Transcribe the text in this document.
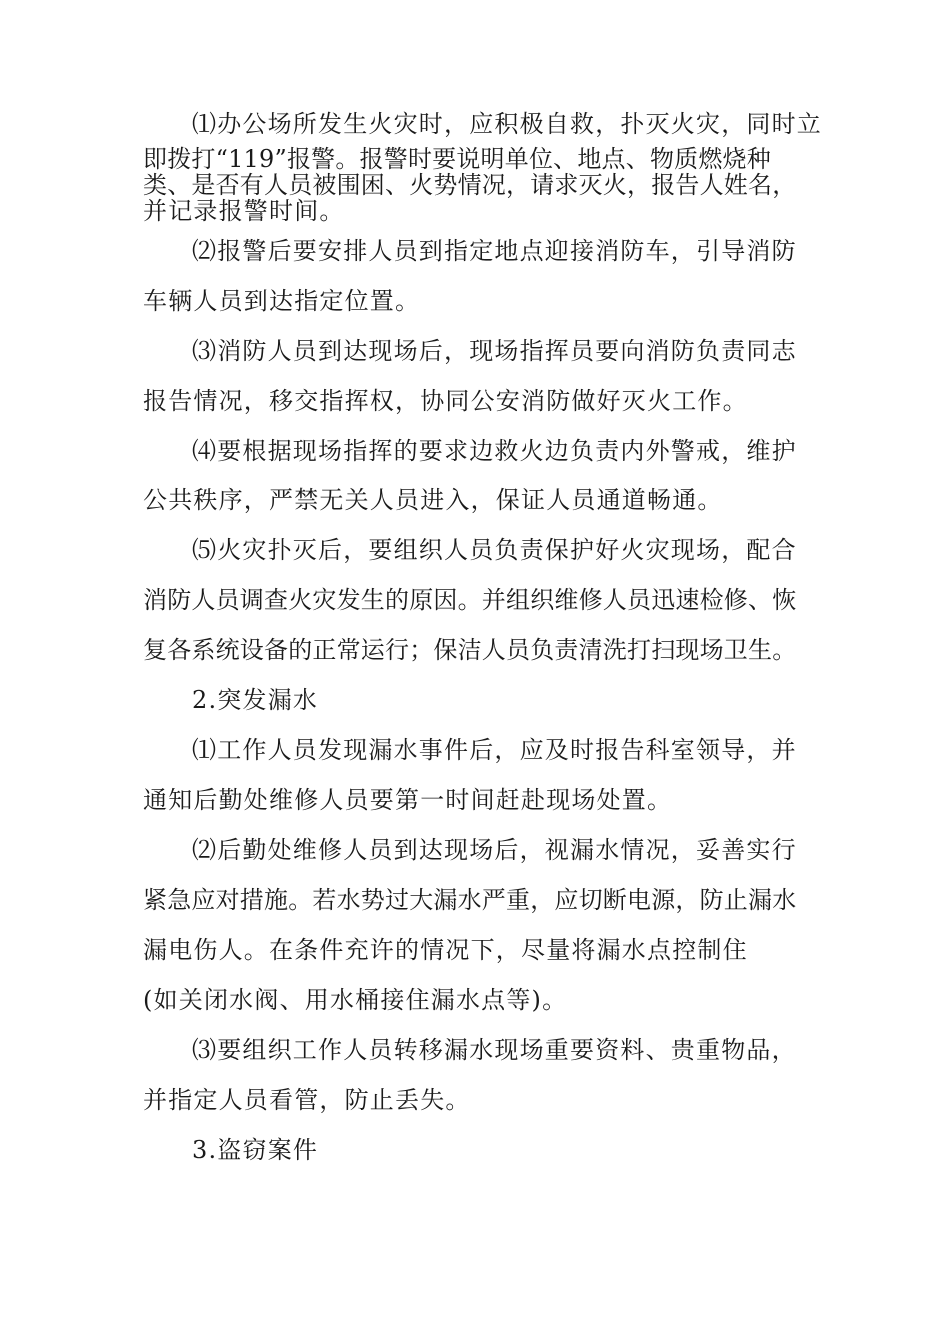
⑴办公场所发生火灾时，应积极自救，扑灭火灾，同时立

即拨打“119”报警。报警时要说明单位、地点、物质燃烧种

类、是否有人员被围困、火势情况，请求灭火，报告人姓名，

并记录报警时间。

⑵报警后要安排人员到指定地点迎接消防车，引导消防

车辆人员到达指定位置。

⑶消防人员到达现场后，现场指挥员要向消防负责同志

报告情况，移交指挥权，协同公安消防做好灭火工作。

⑷要根据现场指挥的要求边救火边负责内外警戒，维护

公共秩序，严禁无关人员进入，保证人员通道畅通。

⑸火灾扑灭后，要组织人员负责保护好火灾现场，配合

消防人员调查火灾发生的原因。并组织维修人员迅速检修、恢

复各系统设备的正常运行；保洁人员负责清洗打扫现场卫生。

2.突发漏水

⑴工作人员发现漏水事件后，应及时报告科室领导，并

通知后勤处维修人员要第一时间赶赴现场处置。

⑵后勤处维修人员到达现场后，视漏水情况，妥善实行

紧急应对措施。若水势过大漏水严重，应切断电源，防止漏水

漏电伤人。在条件充许的情况下，尽量将漏水点控制住

(如关闭水阀、用水桶接住漏水点等)。

⑶要组织工作人员转移漏水现场重要资料、贵重物品，

并指定人员看管，防止丢失。

3.盗窃案件
